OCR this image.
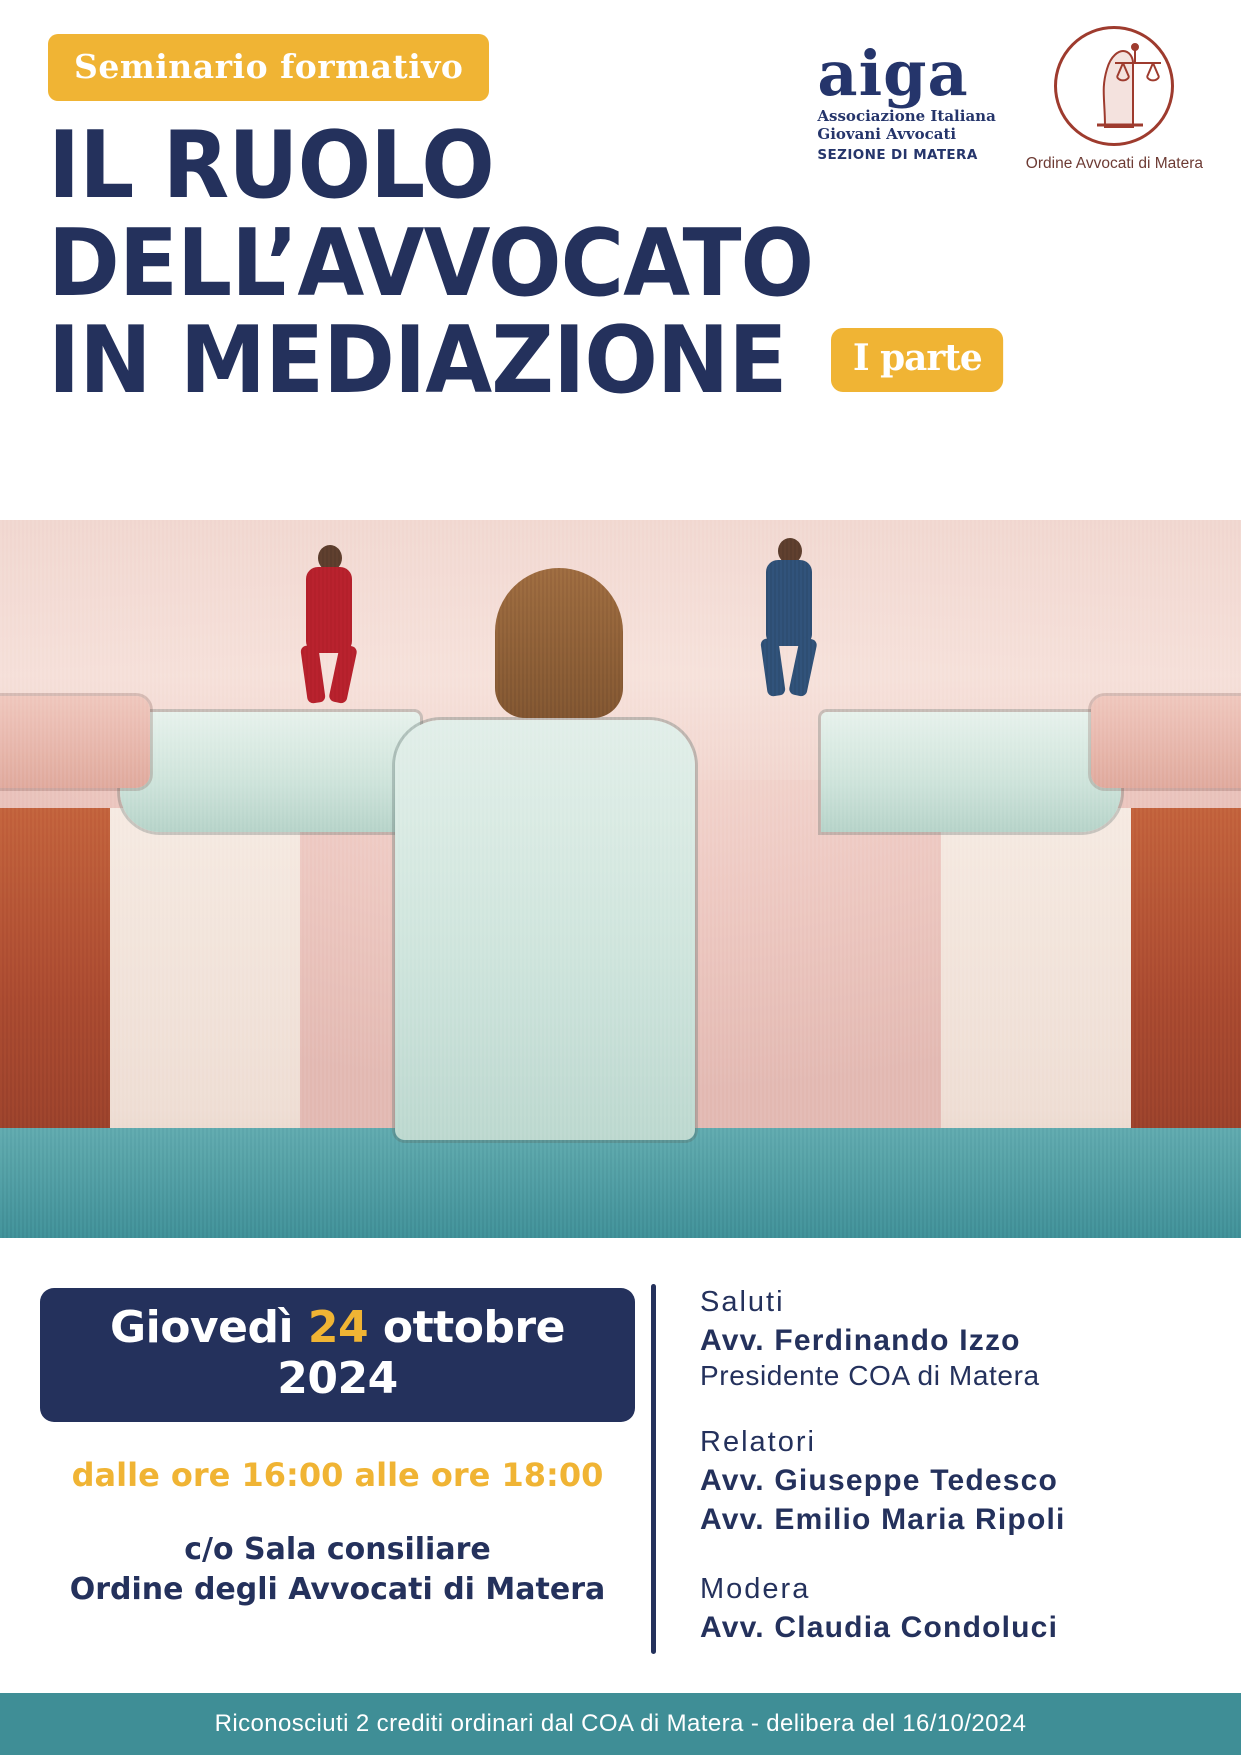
Seminario formativo
IL RUOLO
DELL’AVVOCATO
IN MEDIAZIONE I parte
aiga
Associazione Italiana
Giovani Avvocati
SEZIONE DI MATERA	Ordine Avvocati di Matera
Giovedì 24 ottobre 2024
dalle ore 16:00 alle ore 18:00
c/o Sala consiliare
Ordine degli Avvocati di Matera
Saluti
Avv. Ferdinando Izzo
Presidente COA di Matera
Relatori
Avv. Giuseppe Tedesco
Avv. Emilio Maria Ripoli
Modera
Avv. Claudia Condoluci
Riconosciuti 2 crediti ordinari dal COA di Matera - delibera del 16/10/2024
